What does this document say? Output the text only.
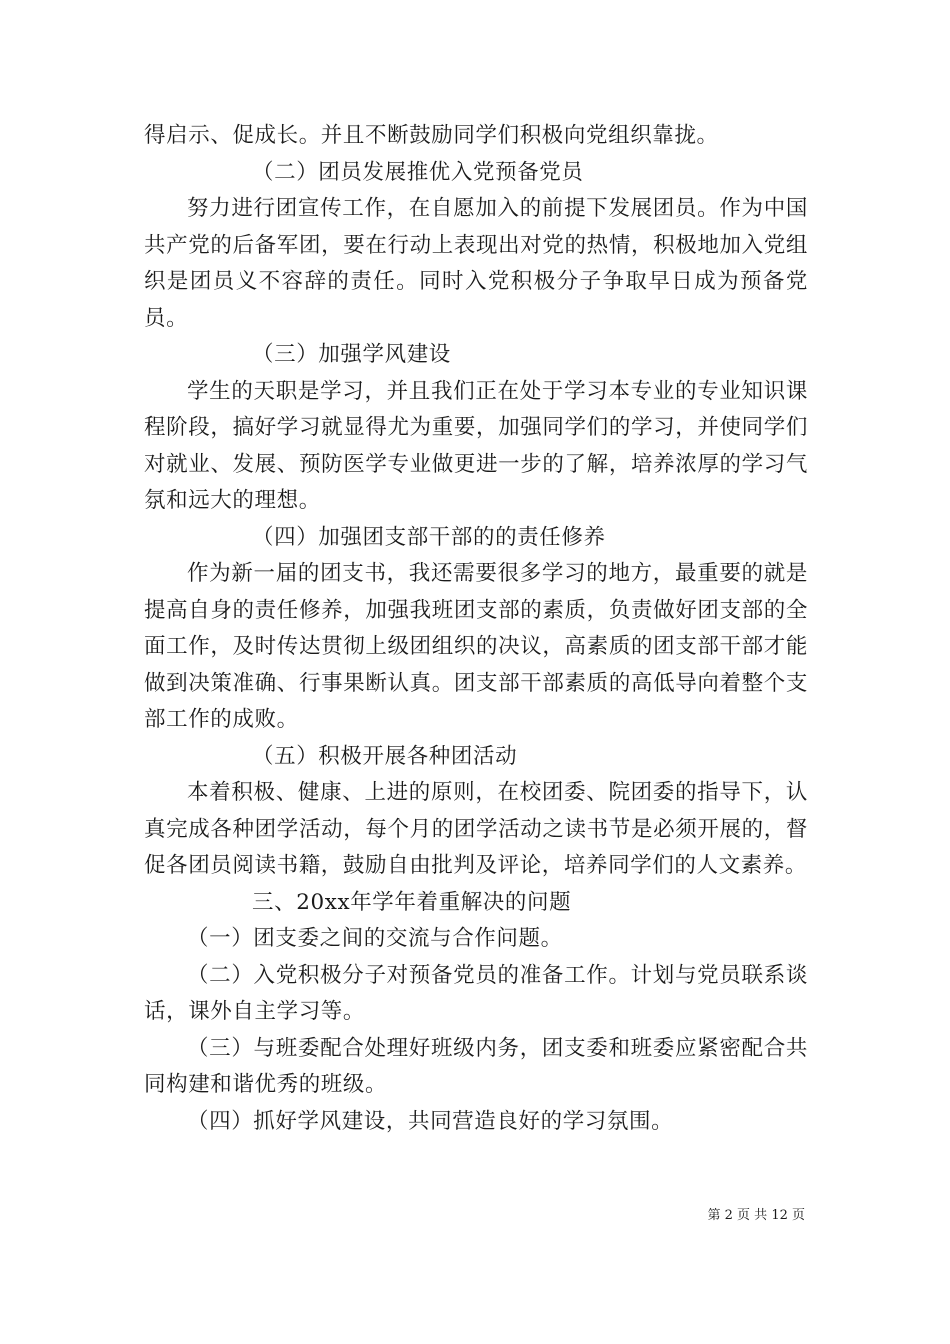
得启示、促成长。并且不断鼓励同学们积极向党组织靠拢。

（二）团员发展推优入党预备党员

努力进行团宣传工作，在自愿加入的前提下发展团员。作为中国共产党的后备军团，要在行动上表现出对党的热情，积极地加入党组织是团员义不容辞的责任。同时入党积极分子争取早日成为预备党员。

（三）加强学风建设

学生的天职是学习，并且我们正在处于学习本专业的专业知识课程阶段，搞好学习就显得尤为重要，加强同学们的学习，并使同学们对就业、发展、预防医学专业做更进一步的了解，培养浓厚的学习气氛和远大的理想。

（四）加强团支部干部的的责任修养

作为新一届的团支书，我还需要很多学习的地方，最重要的就是提高自身的责任修养，加强我班团支部的素质，负责做好团支部的全面工作，及时传达贯彻上级团组织的决议，高素质的团支部干部才能做到决策准确、行事果断认真。团支部干部素质的高低导向着整个支部工作的成败。

（五）积极开展各种团活动

本着积极、健康、上进的原则，在校团委、院团委的指导下，认真完成各种团学活动，每个月的团学活动之读书节是必须开展的，督促各团员阅读书籍，鼓励自由批判及评论，培养同学们的人文素养。

三、20xx年学年着重解决的问题

（一）团支委之间的交流与合作问题。

（二）入党积极分子对预备党员的准备工作。计划与党员联系谈话，课外自主学习等。

（三）与班委配合处理好班级内务，团支委和班委应紧密配合共同构建和谐优秀的班级。

（四）抓好学风建设，共同营造良好的学习氛围。

第 2 页 共 12 页
